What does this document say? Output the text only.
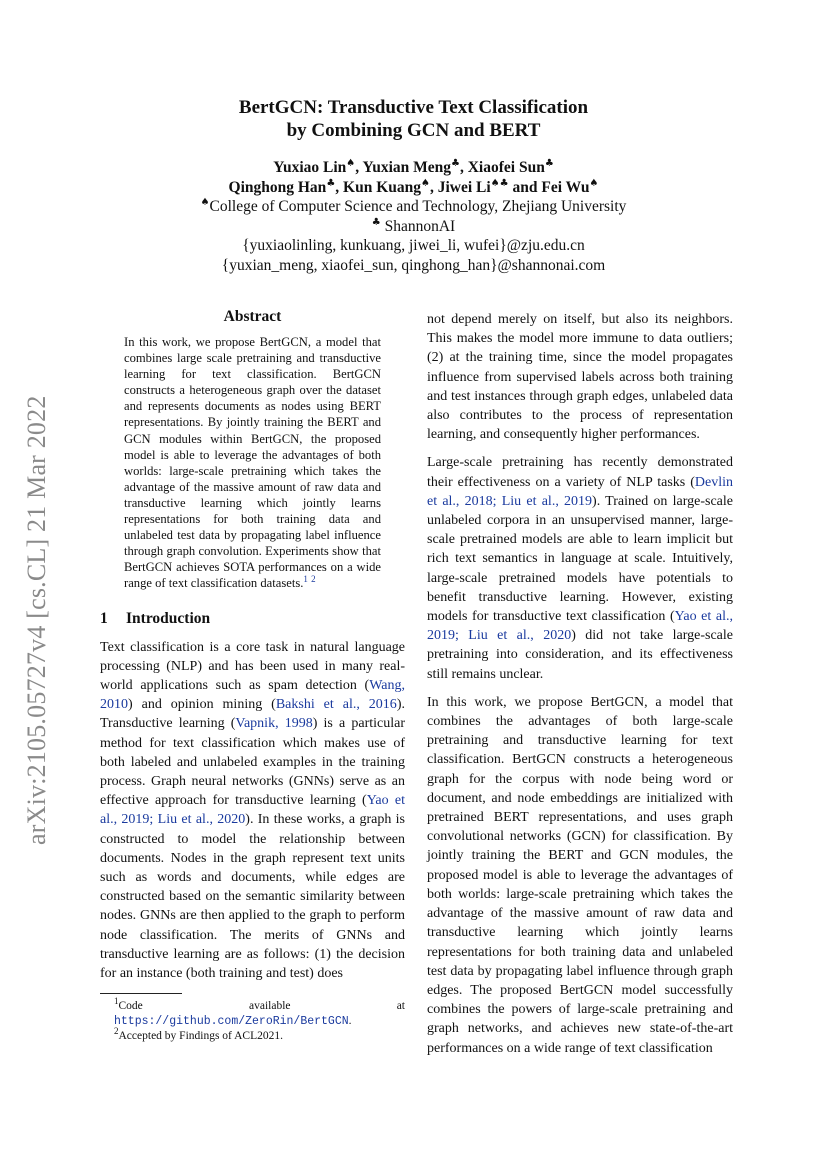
arXiv:2105.05727v4 [cs.CL] 21 Mar 2022
BertGCN: Transductive Text Classification
by Combining GCN and BERT
Yuxiao Lin♠, Yuxian Meng♣, Xiaofei Sun♣
Qinghong Han♣, Kun Kuang♠, Jiwei Li♠♣ and Fei Wu♠
♠College of Computer Science and Technology, Zhejiang University
♣ ShannonAI
{yuxiaolinling, kunkuang, jiwei_li, wufei}@zju.edu.cn
{yuxian_meng, xiaofei_sun, qinghong_han}@shannonai.com
Abstract
In this work, we propose BertGCN, a model that combines large scale pretraining and transductive learning for text classification. BertGCN constructs a heterogeneous graph over the dataset and represents documents as nodes using BERT representations. By jointly training the BERT and GCN modules within BertGCN, the proposed model is able to leverage the advantages of both worlds: large-scale pretraining which takes the advantage of the massive amount of raw data and transductive learning which jointly learns representations for both training data and unlabeled test data by propagating label influence through graph convolution. Experiments show that BertGCN achieves SOTA performances on a wide range of text classification datasets.$^1$ $^2$
1 Introduction

Text classification is a core task in natural language processing (NLP) and has been used in many real-world applications such as spam detection (Wang, 2010) and opinion mining (Bakshi et al., 2016). Transductive learning (Vapnik, 1998) is a particular method for text classification which makes use of both labeled and unlabeled examples in the training process. Graph neural networks (GNNs) serve as an effective approach for transductive learning (Yao et al., 2019; Liu et al., 2020). In these works, a graph is constructed to model the relationship between documents. Nodes in the graph represent text units such as words and documents, while edges are constructed based on the semantic similarity between nodes. GNNs are then applied to the graph to perform node classification. The merits of GNNs and transductive learning are as follows: (1) the decision for an instance (both training and test) does

$^1$Code available at https://github.com/ZeroRin/BertGCN.
$^2$Accepted by Findings of ACL2021.

not depend merely on itself, but also its neighbors. This makes the model more immune to data outliers; (2) at the training time, since the model propagates influence from supervised labels across both training and test instances through graph edges, unlabeled data also contributes to the process of representation learning, and consequently higher performances.

Large-scale pretraining has recently demonstrated their effectiveness on a variety of NLP tasks (Devlin et al., 2018; Liu et al., 2019). Trained on large-scale unlabeled corpora in an unsupervised manner, large-scale pretrained models are able to learn implicit but rich text semantics in language at scale. Intuitively, large-scale pretrained models have potentials to benefit transductive learning. However, existing models for transductive text classification (Yao et al., 2019; Liu et al., 2020) did not take large-scale pretraining into consideration, and its effectiveness still remains unclear.

In this work, we propose BertGCN, a model that combines the advantages of both large-scale pretraining and transductive learning for text classification. BertGCN constructs a heterogeneous graph for the corpus with node being word or document, and node embeddings are initialized with pretrained BERT representations, and uses graph convolutional networks (GCN) for classification. By jointly training the BERT and GCN modules, the proposed model is able to leverage the advantages of both worlds: large-scale pretraining which takes the advantage of the massive amount of raw data and transductive learning which jointly learns representations for both training data and unlabeled test data by propagating label influence through graph edges. The proposed BertGCN model successfully combines the powers of large-scale pretraining and graph networks, and achieves new state-of-the-art performances on a wide range of text classification
